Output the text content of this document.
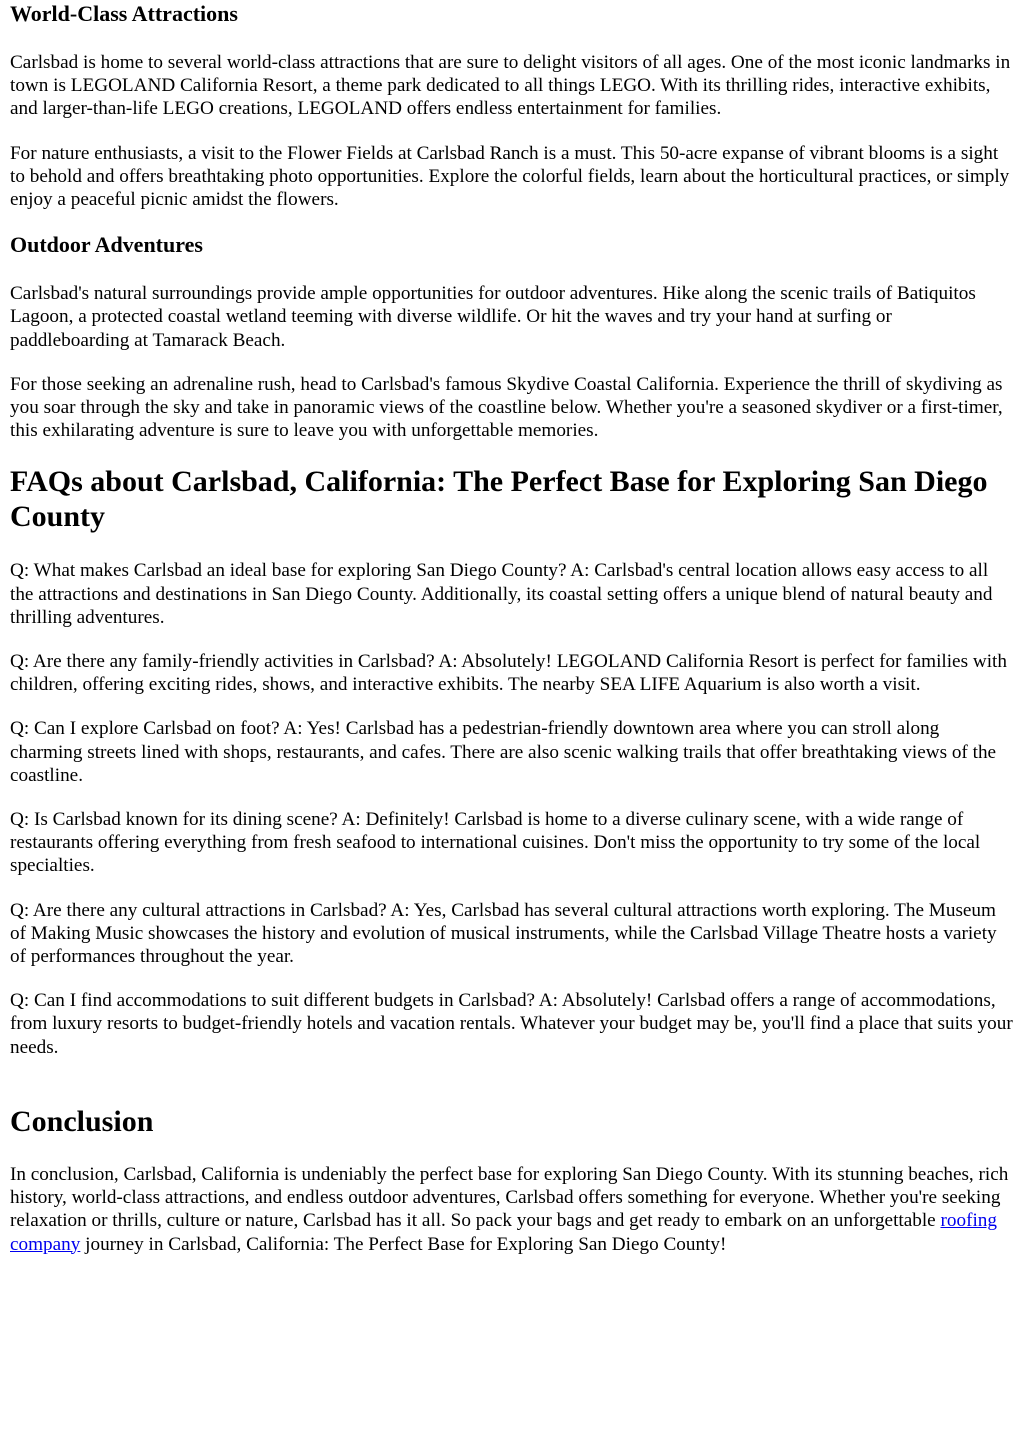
World-Class Attractions

Carlsbad is home to several world-class attractions that are sure to delight visitors of all ages. One of the most iconic landmarks in town is LEGOLAND California Resort, a theme park dedicated to all things LEGO. With its thrilling rides, interactive exhibits, and larger-than-life LEGO creations, LEGOLAND offers endless entertainment for families.

For nature enthusiasts, a visit to the Flower Fields at Carlsbad Ranch is a must. This 50-acre expanse of vibrant blooms is a sight to behold and offers breathtaking photo opportunities. Explore the colorful fields, learn about the horticultural practices, or simply enjoy a peaceful picnic amidst the flowers.

Outdoor Adventures

Carlsbad's natural surroundings provide ample opportunities for outdoor adventures. Hike along the scenic trails of Batiquitos Lagoon, a protected coastal wetland teeming with diverse wildlife. Or hit the waves and try your hand at surfing or paddleboarding at Tamarack Beach.

For those seeking an adrenaline rush, head to Carlsbad's famous Skydive Coastal California. Experience the thrill of skydiving as you soar through the sky and take in panoramic views of the coastline below. Whether you're a seasoned skydiver or a first-timer, this exhilarating adventure is sure to leave you with unforgettable memories.

FAQs about Carlsbad, California: The Perfect Base for Exploring San Diego County

Q: What makes Carlsbad an ideal base for exploring San Diego County? A: Carlsbad's central location allows easy access to all the attractions and destinations in San Diego County. Additionally, its coastal setting offers a unique blend of natural beauty and thrilling adventures.

Q: Are there any family-friendly activities in Carlsbad? A: Absolutely! LEGOLAND California Resort is perfect for families with children, offering exciting rides, shows, and interactive exhibits. The nearby SEA LIFE Aquarium is also worth a visit.

Q: Can I explore Carlsbad on foot? A: Yes! Carlsbad has a pedestrian-friendly downtown area where you can stroll along charming streets lined with shops, restaurants, and cafes. There are also scenic walking trails that offer breathtaking views of the coastline.

Q: Is Carlsbad known for its dining scene? A: Definitely! Carlsbad is home to a diverse culinary scene, with a wide range of restaurants offering everything from fresh seafood to international cuisines. Don't miss the opportunity to try some of the local specialties.

Q: Are there any cultural attractions in Carlsbad? A: Yes, Carlsbad has several cultural attractions worth exploring. The Museum of Making Music showcases the history and evolution of musical instruments, while the Carlsbad Village Theatre hosts a variety of performances throughout the year.

Q: Can I find accommodations to suit different budgets in Carlsbad? A: Absolutely! Carlsbad offers a range of accommodations, from luxury resorts to budget-friendly hotels and vacation rentals. Whatever your budget may be, you'll find a place that suits your needs.

Conclusion

In conclusion, Carlsbad, California is undeniably the perfect base for exploring San Diego County. With its stunning beaches, rich history, world-class attractions, and endless outdoor adventures, Carlsbad offers something for everyone. Whether you're seeking relaxation or thrills, culture or nature, Carlsbad has it all. So pack your bags and get ready to embark on an unforgettable roofing company journey in Carlsbad, California: The Perfect Base for Exploring San Diego County!
